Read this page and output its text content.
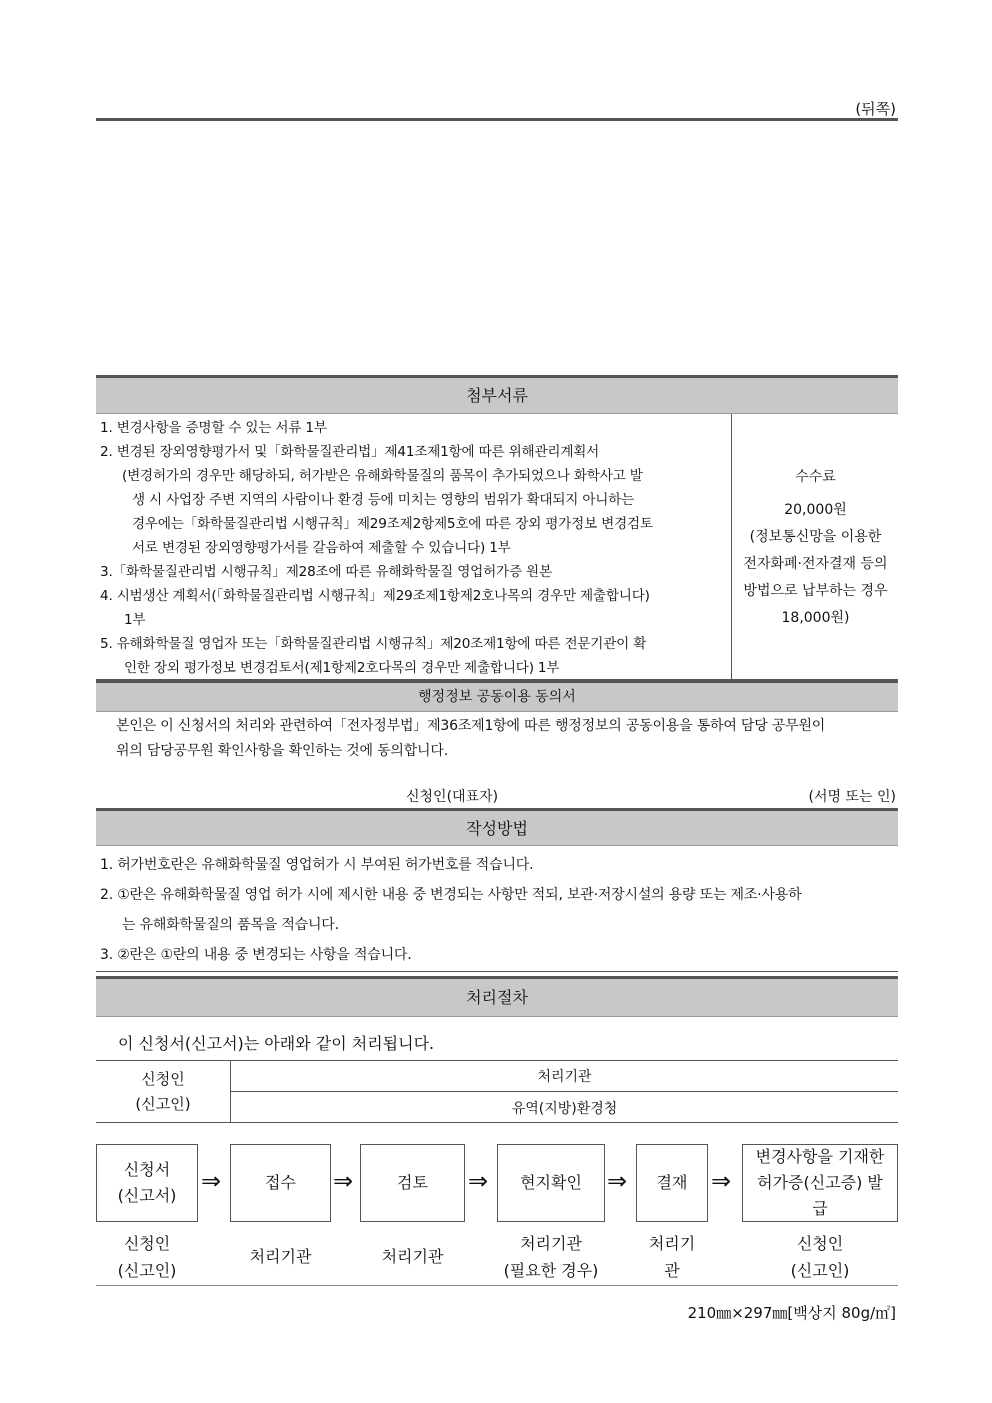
(뒤쪽)
첨부서류
1. 변경사항을 증명할 수 있는 서류 1부
2. 변경된 장외영향평가서 및「화학물질관리법」제41조제1항에 따른 위해관리계획서
(변경허가의 경우만 해당하되, 허가받은 유해화학물질의 품목이 추가되었으나 화학사고 발
생 시 사업장 주변 지역의 사람이나 환경 등에 미치는 영향의 범위가 확대되지 아니하는
경우에는「화학물질관리법 시행규칙」제29조제2항제5호에 따른 장외 평가정보 변경검토
서로 변경된 장외영향평가서를 갈음하여 제출할 수 있습니다) 1부
3.「화학물질관리법 시행규칙」제28조에 따른 유해화학물질 영업허가증 원본
4. 시범생산 계획서(「화학물질관리법 시행규칙」제29조제1항제2호나목의 경우만 제출합니다)
1부
5. 유해화학물질 영업자 또는「화학물질관리법 시행규칙」제20조제1항에 따른 전문기관이 확
인한 장외 평가정보 변경검토서(제1항제2호다목의 경우만 제출합니다) 1부
수수료
20,000원
(정보통신망을 이용한
전자화폐·전자결재 등의
방법으로 납부하는 경우
18,000원)
행정정보 공동이용 동의서
본인은 이 신청서의 처리와 관련하여「전자정부법」제36조제1항에 따른 행정정보의 공동이용을 통하여 담당 공무원이
위의 담당공무원 확인사항을 확인하는 것에 동의합니다.
신청인(대표자)	(서명 또는 인)
작성방법
1. 허가번호란은 유해화학물질 영업허가 시 부여된 허가번호를 적습니다.
2. ①란은 유해화학물질 영업 허가 시에 제시한 내용 중 변경되는 사항만 적되, 보관·저장시설의 용량 또는 제조·사용하
는 유해화학물질의 품목을 적습니다.
3. ②란은 ①란의 내용 중 변경되는 사항을 적습니다.
처리절차
이 신청서(신고서)는 아래와 같이 처리됩니다.
신청인
(신고인)
처리기관
유역(지방)환경청
신청서
(신고서)
⇒	접수 ⇒	검토 ⇒ 현지확인 ⇒ 결재 ⇒
변경사항을 기재한
허가증(신고증) 발
급
신청인
(신고인)
처리기관	처리기관
처리기관
(필요한 경우)
처리기
관
신청인
(신고인)
210㎜×297㎜[백상지 80g/㎡]
